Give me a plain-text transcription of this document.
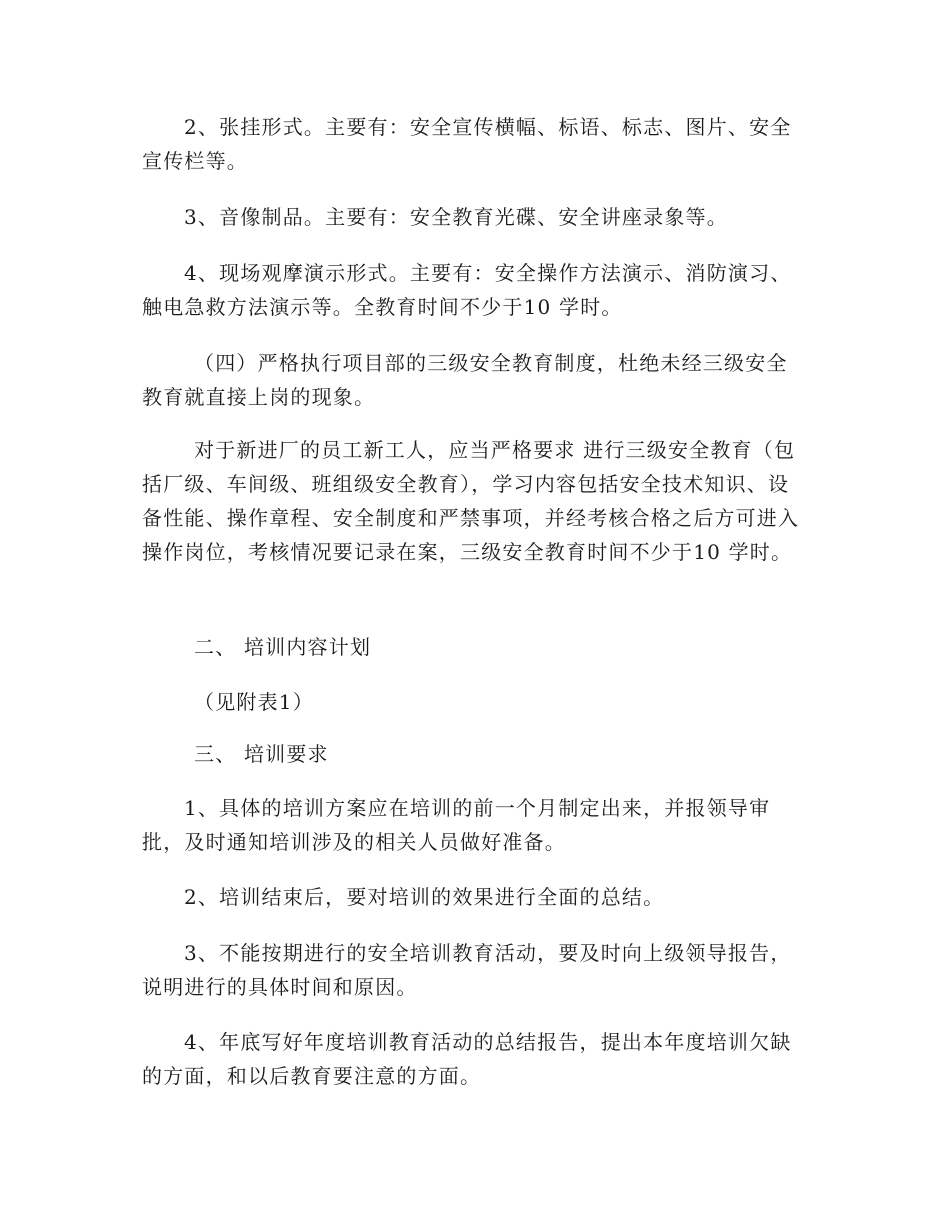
2、张挂形式。主要有：安全宣传横幅、标语、标志、图片、安全宣传栏等。

3、音像制品。主要有：安全教育光碟、安全讲座录象等。

4、现场观摩演示形式。主要有：安全操作方法演示、消防演习、触电急救方法演示等。全教育时间不少于10 学时。

（四）严格执行项目部的三级安全教育制度，杜绝未经三级安全教育就直接上岗的现象。

对于新进厂的员工新工人，应当严格要求 进行三级安全教育（包括厂级、车间级、班组级安全教育），学习内容包括安全技术知识、设备性能、操作章程、安全制度和严禁事项，并经考核合格之后方可进入操作岗位，考核情况要记录在案，三级安全教育时间不少于10 学时。

二、 培训内容计划

（见附表1）

三、 培训要求

1、具体的培训方案应在培训的前一个月制定出来，并报领导审批，及时通知培训涉及的相关人员做好准备。

2、培训结束后，要对培训的效果进行全面的总结。

3、不能按期进行的安全培训教育活动，要及时向上级领导报告，说明进行的具体时间和原因。

4、年底写好年度培训教育活动的总结报告，提出本年度培训欠缺的方面，和以后教育要注意的方面。
